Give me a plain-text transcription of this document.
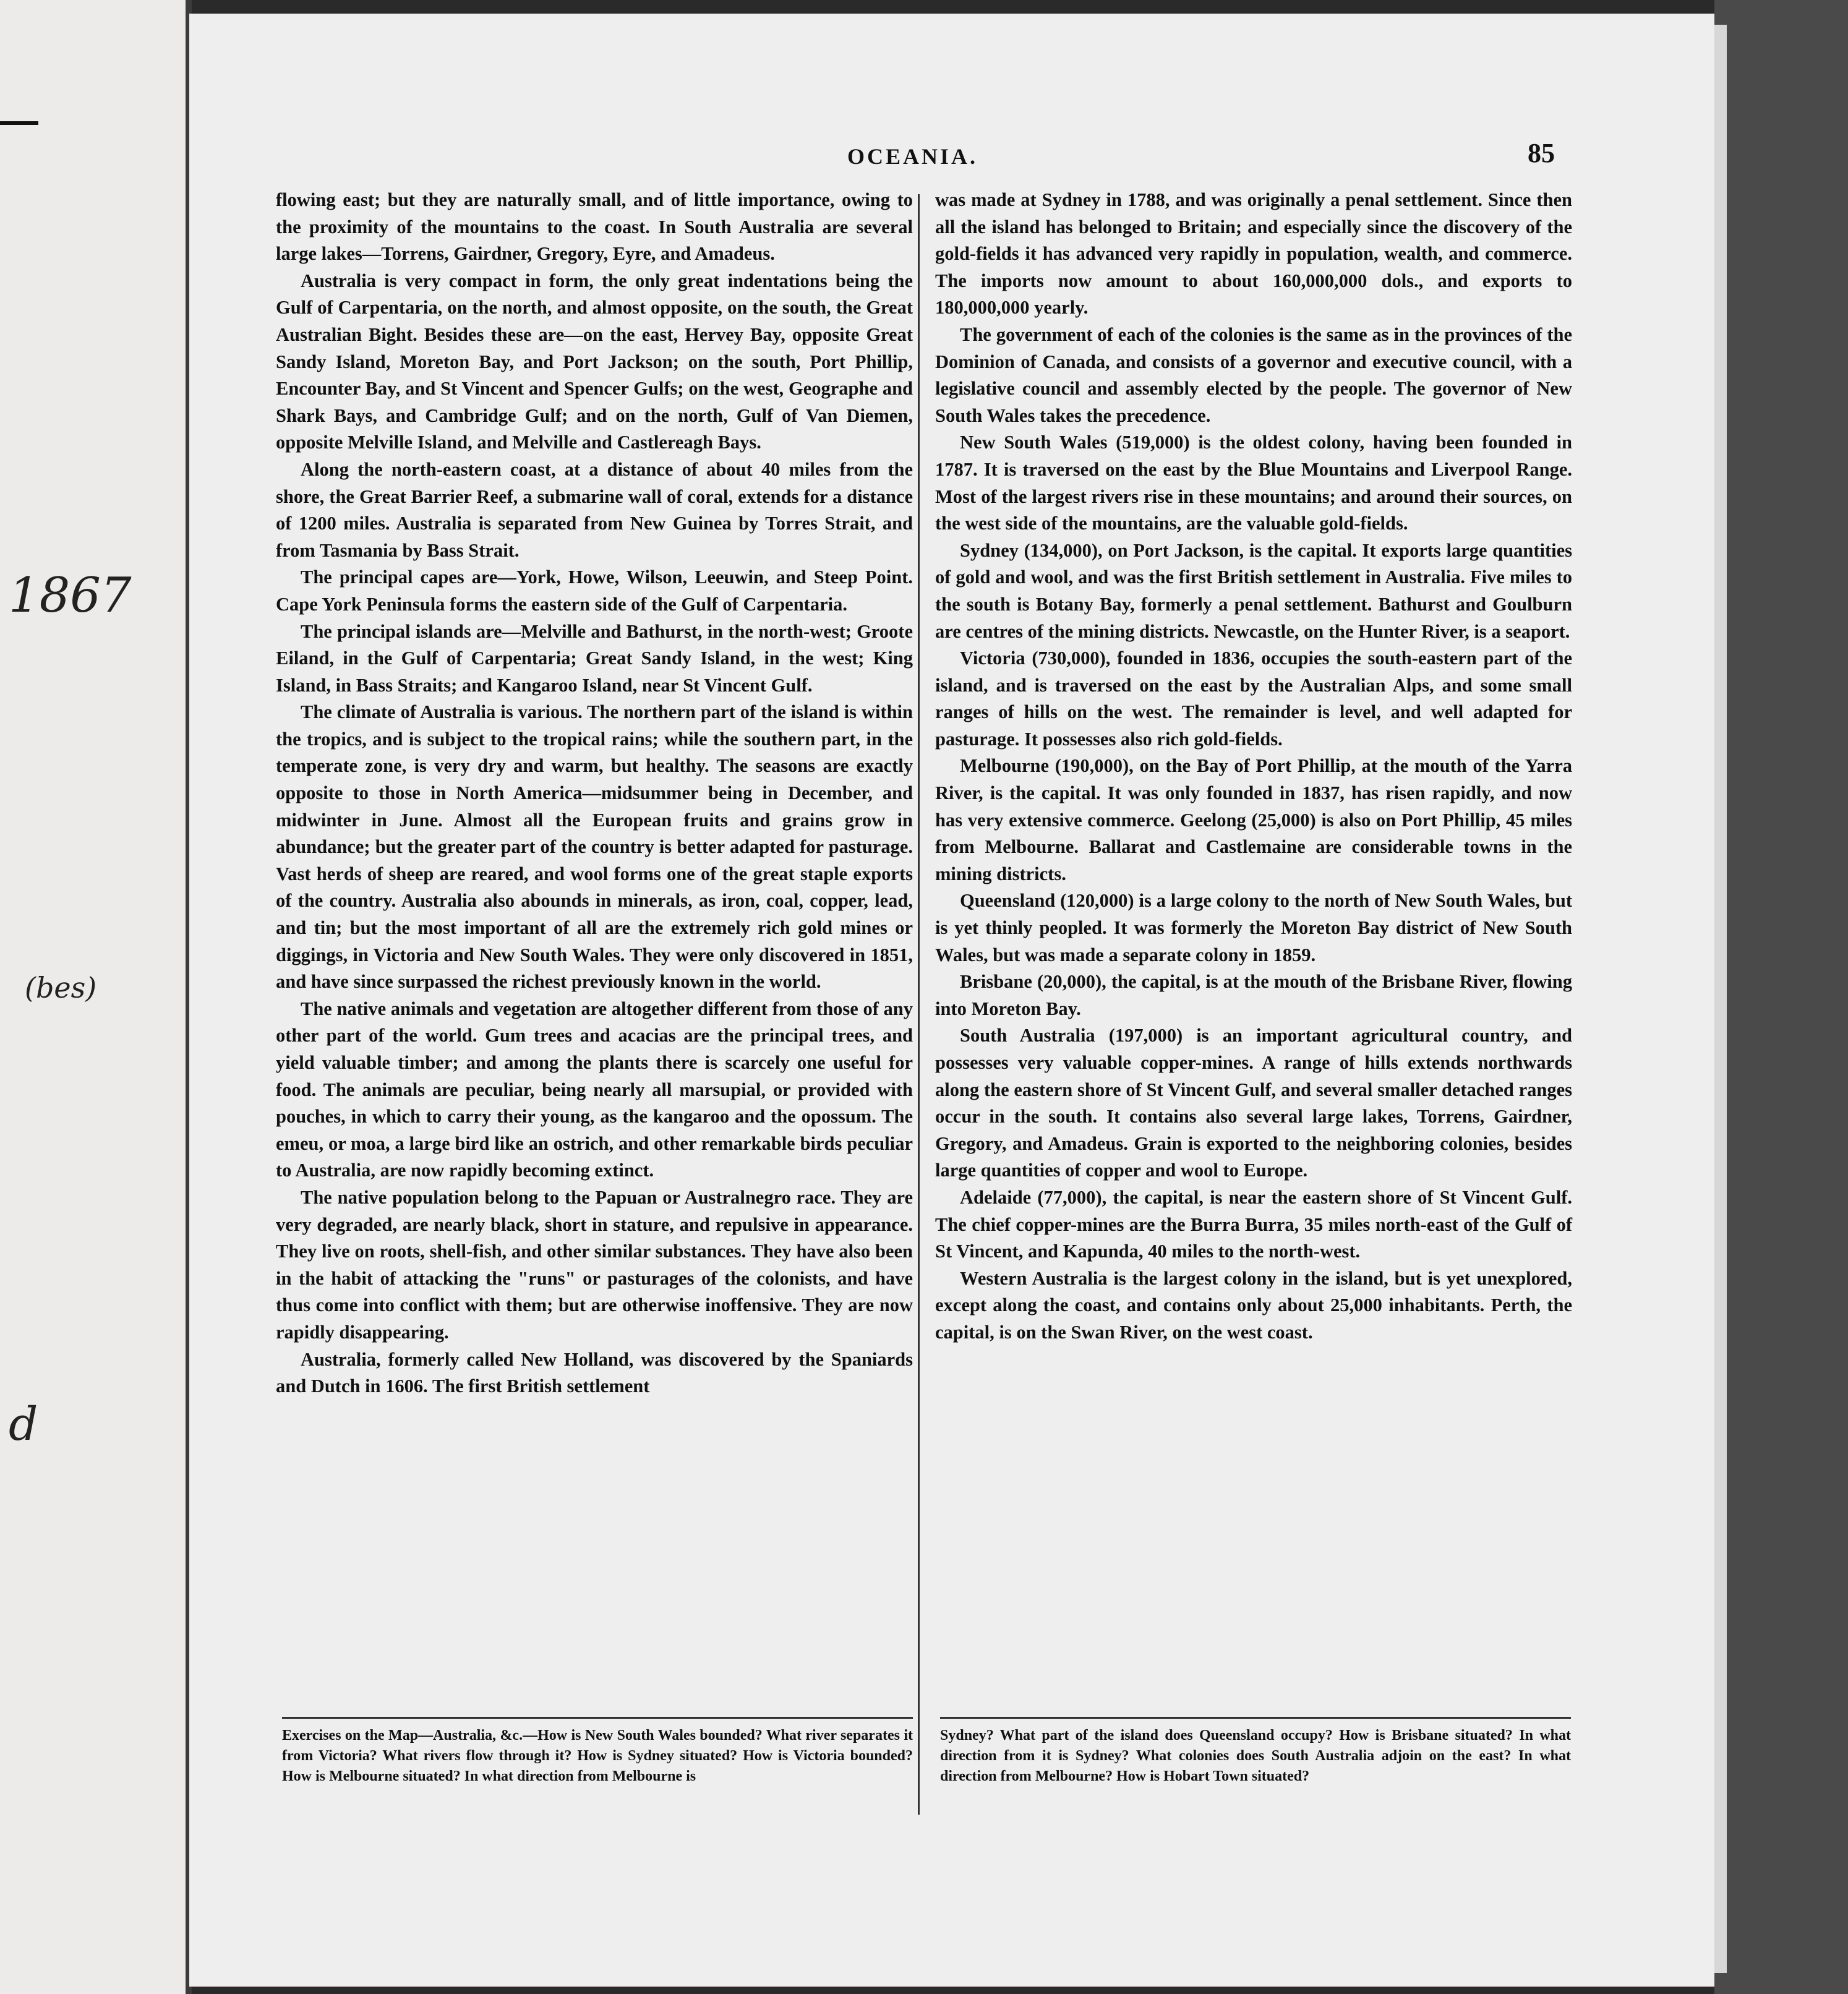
1867
(bes)
d
OCEANIA.	85

flowing east; but they are naturally small, and of little importance, owing to the proximity of the mountains to the coast. In South Australia are several large lakes—Torrens, Gairdner, Gregory, Eyre, and Amadeus.

Australia is very compact in form, the only great indentations being the Gulf of Carpentaria, on the north, and almost opposite, on the south, the Great Australian Bight. Besides these are—on the east, Hervey Bay, opposite Great Sandy Island, Moreton Bay, and Port Jackson; on the south, Port Phillip, Encounter Bay, and St Vincent and Spencer Gulfs; on the west, Geographe and Shark Bays, and Cambridge Gulf; and on the north, Gulf of Van Diemen, opposite Melville Island, and Melville and Castlereagh Bays.

Along the north-eastern coast, at a distance of about 40 miles from the shore, the Great Barrier Reef, a submarine wall of coral, extends for a distance of 1200 miles. Australia is separated from New Guinea by Torres Strait, and from Tasmania by Bass Strait.

The principal capes are—York, Howe, Wilson, Leeuwin, and Steep Point. Cape York Peninsula forms the eastern side of the Gulf of Carpentaria.

The principal islands are—Melville and Bathurst, in the north-west; Groote Eiland, in the Gulf of Carpentaria; Great Sandy Island, in the west; King Island, in Bass Straits; and Kangaroo Island, near St Vincent Gulf.

The climate of Australia is various. The northern part of the island is within the tropics, and is subject to the tropical rains; while the southern part, in the temperate zone, is very dry and warm, but healthy. The seasons are exactly opposite to those in North America—midsummer being in December, and midwinter in June. Almost all the European fruits and grains grow in abundance; but the greater part of the country is better adapted for pasturage. Vast herds of sheep are reared, and wool forms one of the great staple exports of the country. Australia also abounds in minerals, as iron, coal, copper, lead, and tin; but the most important of all are the extremely rich gold mines or diggings, in Victoria and New South Wales. They were only discovered in 1851, and have since surpassed the richest previously known in the world.

The native animals and vegetation are altogether different from those of any other part of the world. Gum trees and acacias are the principal trees, and yield valuable timber; and among the plants there is scarcely one useful for food. The animals are peculiar, being nearly all marsupial, or provided with pouches, in which to carry their young, as the kangaroo and the opossum. The emeu, or moa, a large bird like an ostrich, and other remarkable birds peculiar to Australia, are now rapidly becoming extinct.

The native population belong to the Papuan or Australnegro race. They are very degraded, are nearly black, short in stature, and repulsive in appearance. They live on roots, shell-fish, and other similar substances. They have also been in the habit of attacking the "runs" or pasturages of the colonists, and have thus come into conflict with them; but are otherwise inoffensive. They are now rapidly disappearing.

Australia, formerly called New Holland, was discovered by the Spaniards and Dutch in 1606. The first British settlement

was made at Sydney in 1788, and was originally a penal settlement. Since then all the island has belonged to Britain; and especially since the discovery of the gold-fields it has advanced very rapidly in population, wealth, and commerce. The imports now amount to about 160,000,000 dols., and exports to 180,000,000 yearly.

The government of each of the colonies is the same as in the provinces of the Dominion of Canada, and consists of a governor and executive council, with a legislative council and assembly elected by the people. The governor of New South Wales takes the precedence.

New South Wales (519,000) is the oldest colony, having been founded in 1787. It is traversed on the east by the Blue Mountains and Liverpool Range. Most of the largest rivers rise in these mountains; and around their sources, on the west side of the mountains, are the valuable gold-fields.

Sydney (134,000), on Port Jackson, is the capital. It exports large quantities of gold and wool, and was the first British settlement in Australia. Five miles to the south is Botany Bay, formerly a penal settlement. Bathurst and Goulburn are centres of the mining districts. Newcastle, on the Hunter River, is a seaport.

Victoria (730,000), founded in 1836, occupies the south-eastern part of the island, and is traversed on the east by the Australian Alps, and some small ranges of hills on the west. The remainder is level, and well adapted for pasturage. It possesses also rich gold-fields.

Melbourne (190,000), on the Bay of Port Phillip, at the mouth of the Yarra River, is the capital. It was only founded in 1837, has risen rapidly, and now has very extensive commerce. Geelong (25,000) is also on Port Phillip, 45 miles from Melbourne. Ballarat and Castlemaine are considerable towns in the mining districts.

Queensland (120,000) is a large colony to the north of New South Wales, but is yet thinly peopled. It was formerly the Moreton Bay district of New South Wales, but was made a separate colony in 1859.

Brisbane (20,000), the capital, is at the mouth of the Brisbane River, flowing into Moreton Bay.

South Australia (197,000) is an important agricultural country, and possesses very valuable copper-mines. A range of hills extends northwards along the eastern shore of St Vincent Gulf, and several smaller detached ranges occur in the south. It contains also several large lakes, Torrens, Gairdner, Gregory, and Amadeus. Grain is exported to the neighboring colonies, besides large quantities of copper and wool to Europe.

Adelaide (77,000), the capital, is near the eastern shore of St Vincent Gulf. The chief copper-mines are the Burra Burra, 35 miles north-east of the Gulf of St Vincent, and Kapunda, 40 miles to the north-west.

Western Australia is the largest colony in the island, but is yet unexplored, except along the coast, and contains only about 25,000 inhabitants. Perth, the capital, is on the Swan River, on the west coast.

Exercises on the Map—Australia, &c.—How is New South Wales bounded? What river separates it from Victoria? What rivers flow through it? How is Sydney situated? How is Victoria bounded? How is Melbourne situated? In what direction from Melbourne is
Sydney? What part of the island does Queensland occupy? How is Brisbane situated? In what direction from it is Sydney? What colonies does South Australia adjoin on the east? In what direction from Melbourne? How is Hobart Town situated?
